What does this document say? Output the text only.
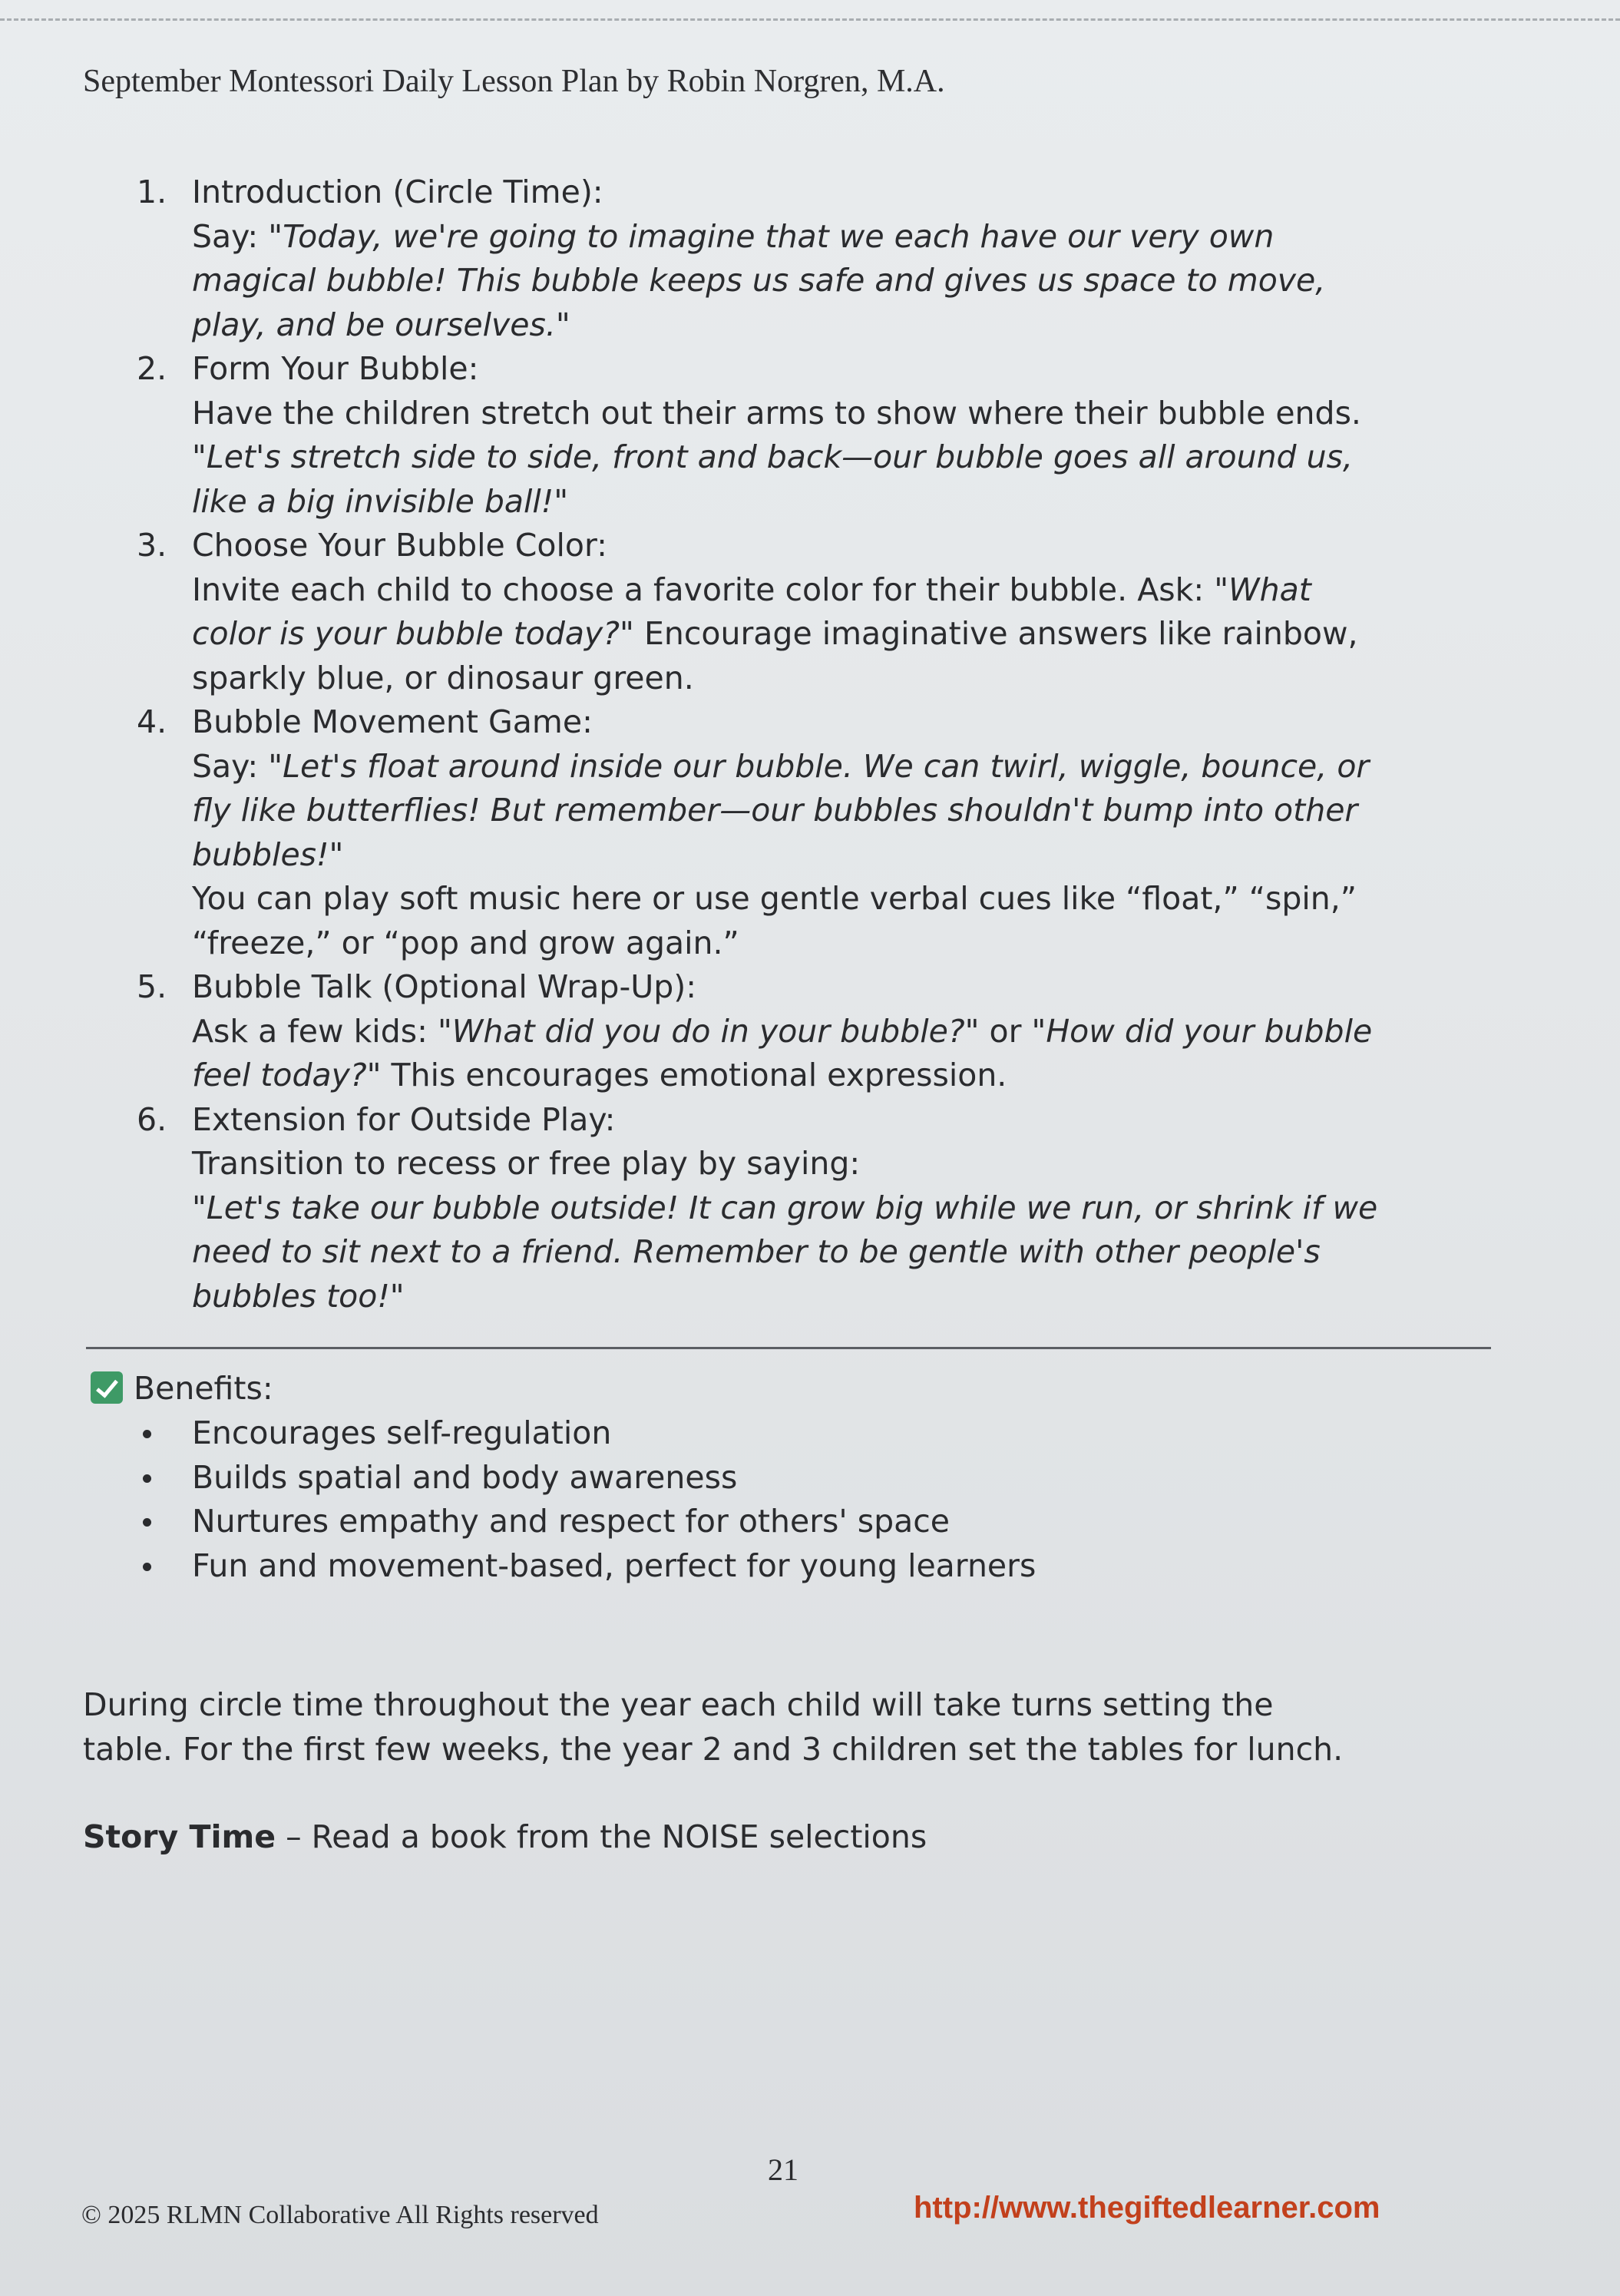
September Montessori Daily Lesson Plan by Robin Norgren, M.A.
1. Introduction (Circle Time):
Say: "Today, we're going to imagine that we each have our very own
magical bubble! This bubble keeps us safe and gives us space to move,
play, and be ourselves."
2. Form Your Bubble:
Have the children stretch out their arms to show where their bubble ends.
"Let's stretch side to side, front and back—our bubble goes all around us,
like a big invisible ball!"
3. Choose Your Bubble Color:
Invite each child to choose a favorite color for their bubble. Ask: "What
color is your bubble today?" Encourage imaginative answers like rainbow,
sparkly blue, or dinosaur green.
4. Bubble Movement Game:
Say: "Let's float around inside our bubble. We can twirl, wiggle, bounce, or
fly like butterflies! But remember—our bubbles shouldn't bump into other
bubbles!"
You can play soft music here or use gentle verbal cues like “float,” “spin,”
“freeze,” or “pop and grow again.”
5. Bubble Talk (Optional Wrap-Up):
Ask a few kids: "What did you do in your bubble?" or "How did your bubble
feel today?" This encourages emotional expression.
6. Extension for Outside Play:
Transition to recess or free play by saying:
"Let's take our bubble outside! It can grow big while we run, or shrink if we
need to sit next to a friend. Remember to be gentle with other people's
bubbles too!"
Benefits:
Encourages self-regulation
Builds spatial and body awareness
Nurtures empathy and respect for others' space
Fun and movement-based, perfect for young learners

During circle time throughout the year each child will take turns setting the
table. For the first few weeks, the year 2 and 3 children set the tables for lunch.

Story Time – Read a book from the NOISE selections
21
© 2025 RLMN Collaborative All Rights reserved	http://www.thegiftedlearner.com
